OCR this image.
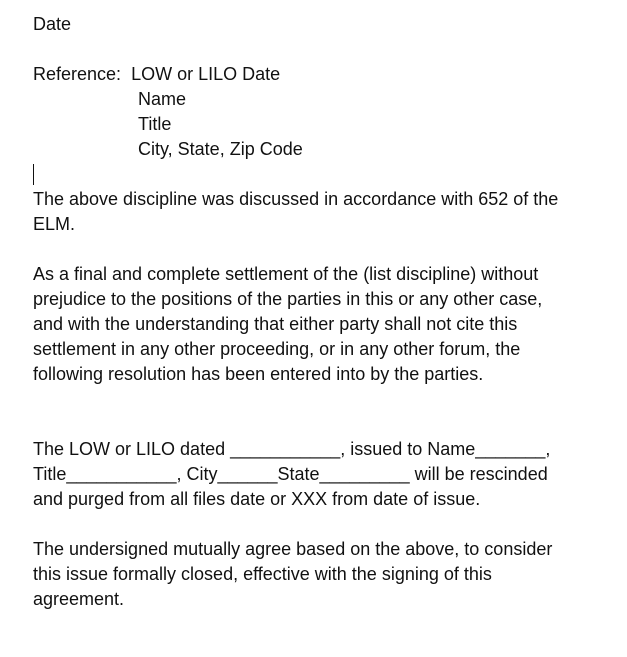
Date
Reference:  LOW or LILO Date
Name
Title
City, State, Zip Code
The above discipline was discussed in accordance with 652 of the
ELM.
As a final and complete settlement of the (list discipline) without
prejudice to the positions of the parties in this or any other case,
and with the understanding that either party shall not cite this
settlement in any other proceeding, or in any other forum, the
following resolution has been entered into by the parties.
The LOW or LILO dated ___________, issued to Name_______,
Title___________, City______State_________ will be rescinded
and purged from all files date or XXX from date of issue.
The undersigned mutually agree based on the above, to consider
this issue formally closed, effective with the signing of this
agreement.
